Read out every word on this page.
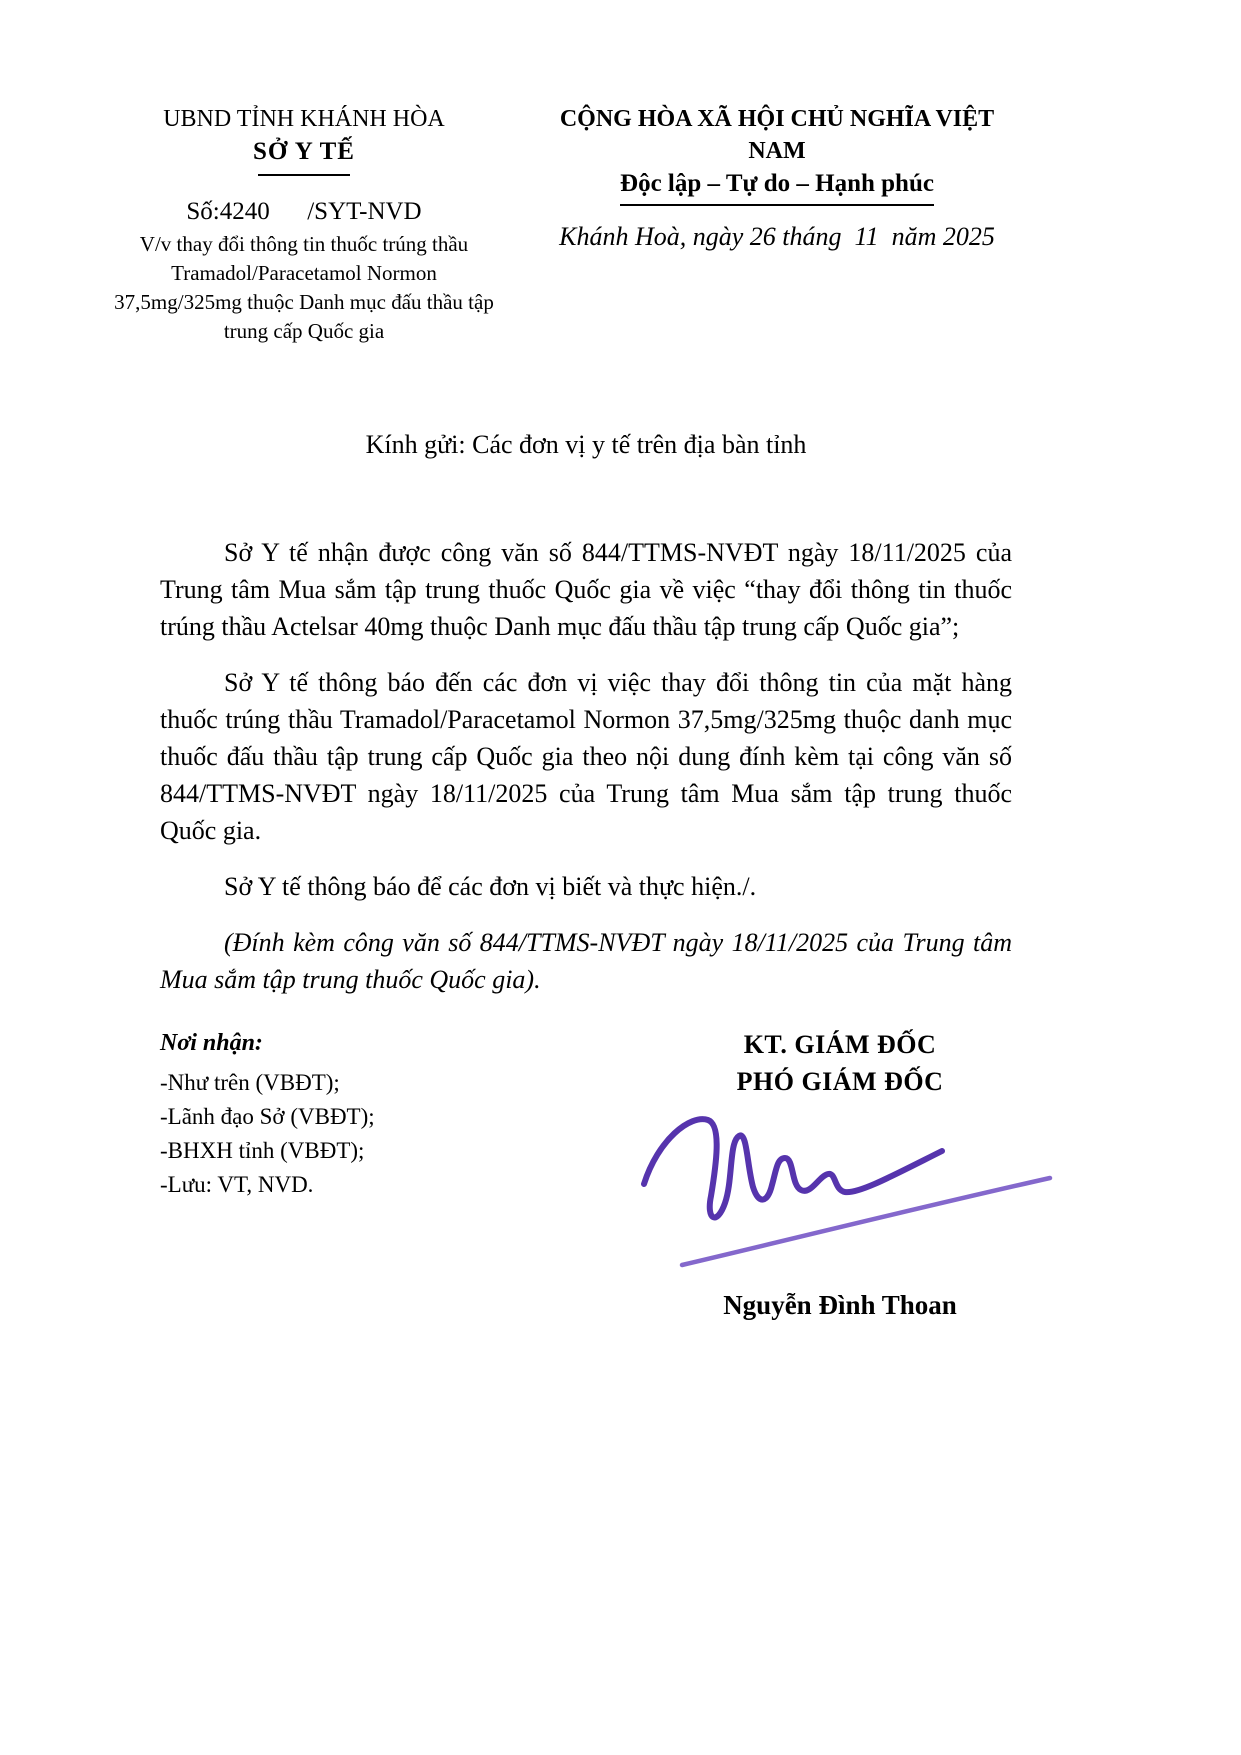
UBND TỈNH KHÁNH HÒA
SỞ Y TẾ
Số:4240      /SYT-NVD
V/v thay đổi thông tin thuốc trúng thầu Tramadol/Paracetamol Normon 37,5mg/325mg thuộc Danh mục đấu thầu tập trung cấp Quốc gia
CỘNG HÒA XÃ HỘI CHỦ NGHĨA VIỆT NAM
Độc lập – Tự do – Hạnh phúc
Khánh Hoà, ngày 26 tháng  11  năm 2025
Kính gửi: Các đơn vị y tế trên địa bàn tỉnh

Sở Y tế nhận được công văn số 844/TTMS-NVĐT ngày 18/11/2025 của Trung tâm Mua sắm tập trung thuốc Quốc gia về việc “thay đổi thông tin thuốc trúng thầu Actelsar 40mg thuộc Danh mục đấu thầu tập trung cấp Quốc gia”;

Sở Y tế thông báo đến các đơn vị việc thay đổi thông tin của mặt hàng thuốc trúng thầu Tramadol/Paracetamol Normon 37,5mg/325mg thuộc danh mục thuốc đấu thầu tập trung cấp Quốc gia theo nội dung đính kèm tại công văn số 844/TTMS-NVĐT ngày 18/11/2025 của Trung tâm Mua sắm tập trung thuốc Quốc gia.

Sở Y tế thông báo để các đơn vị biết và thực hiện./.

(Đính kèm công văn số 844/TTMS-NVĐT ngày 18/11/2025 của Trung tâm Mua sắm tập trung thuốc Quốc gia).

Nơi nhận:
-Như trên (VBĐT);
-Lãnh đạo Sở (VBĐT);
-BHXH tỉnh (VBĐT);
-Lưu: VT, NVD.
KT. GIÁM ĐỐC
PHÓ GIÁM ĐỐC
Nguyễn Đình Thoan
